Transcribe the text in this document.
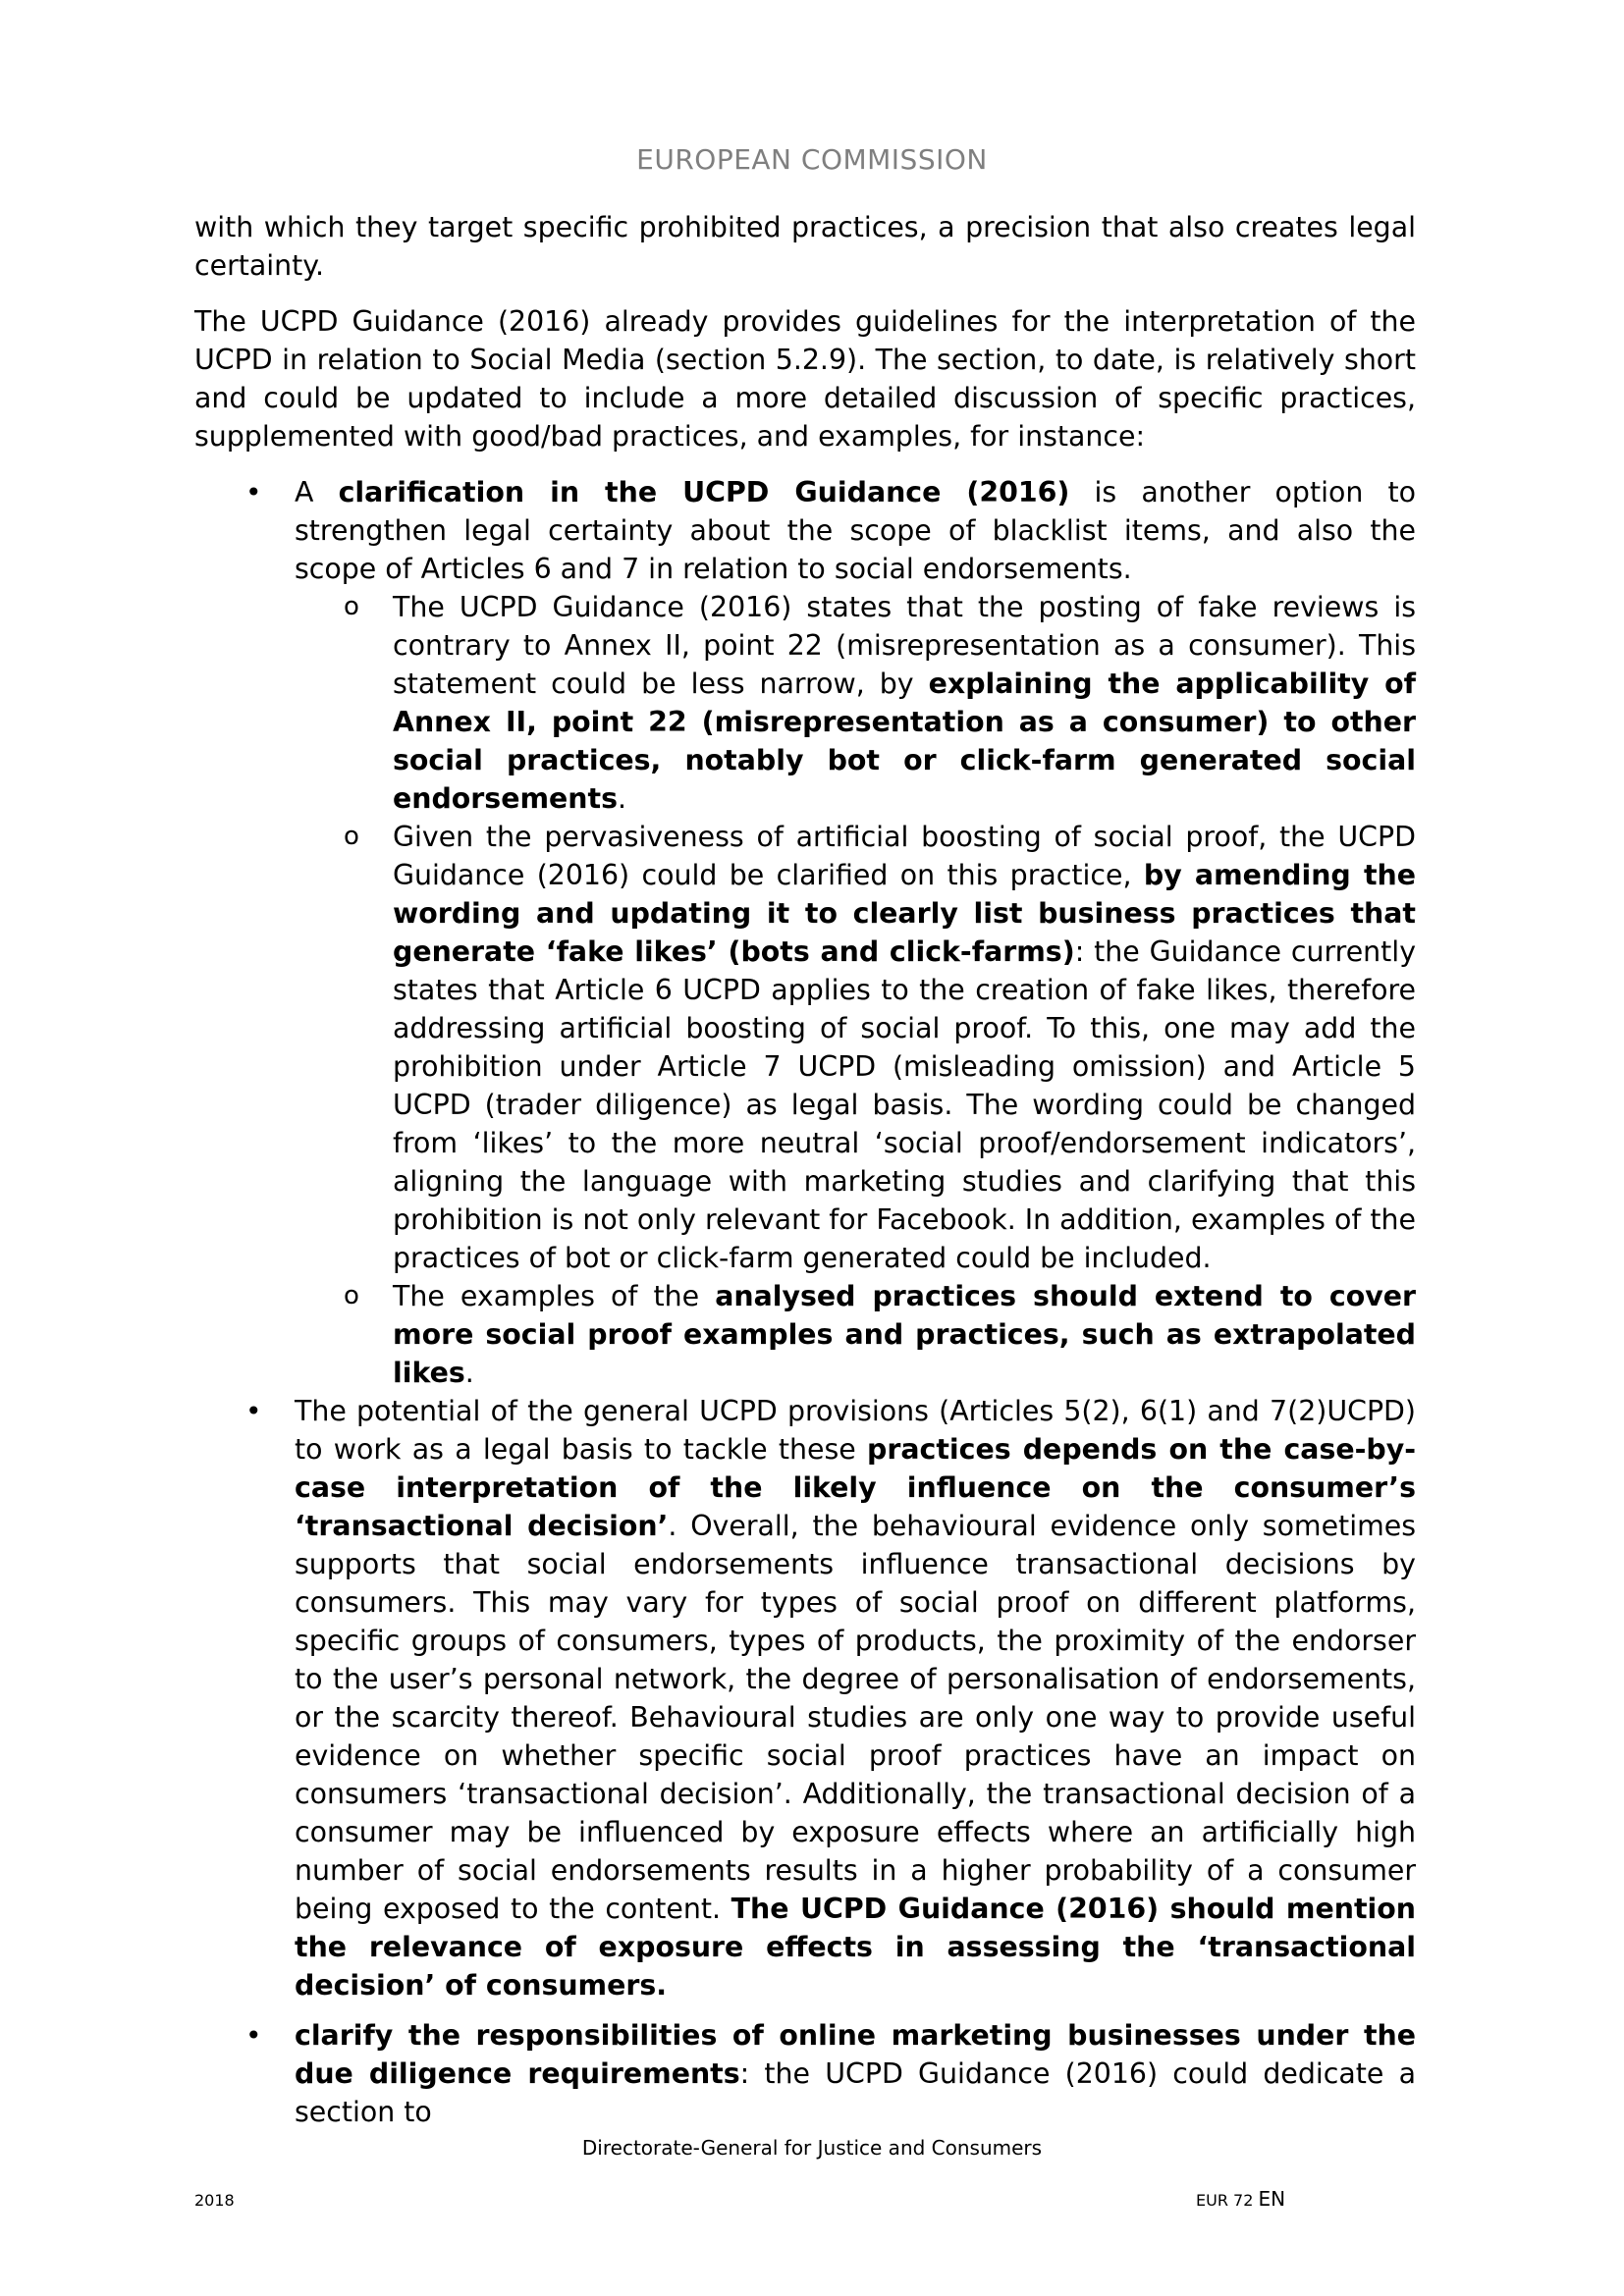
EUROPEAN COMMISSION

with which they target specific prohibited practices, a precision that also creates legal certainty.

The UCPD Guidance (2016) already provides guidelines for the interpretation of the UCPD in relation to Social Media (section 5.2.9). The section, to date, is relatively short and could be updated to include a more detailed discussion of specific practices, supplemented with good/bad practices, and examples, for instance:

• A clarification in the UCPD Guidance (2016) is another option to strengthen legal certainty about the scope of blacklist items, and also the scope of Articles 6 and 7 in relation to social endorsements.
o The UCPD Guidance (2016) states that the posting of fake reviews is contrary to Annex II, point 22 (misrepresentation as a consumer). This statement could be less narrow, by explaining the applicability of Annex II, point 22 (misrepresentation as a consumer) to other social practices, notably bot or click-farm generated social endorsements.
o Given the pervasiveness of artificial boosting of social proof, the UCPD Guidance (2016) could be clarified on this practice, by amending the wording and updating it to clearly list business practices that generate ‘fake likes’ (bots and click-farms): the Guidance currently states that Article 6 UCPD applies to the creation of fake likes, therefore addressing artificial boosting of social proof. To this, one may add the prohibition under Article 7 UCPD (misleading omission) and Article 5 UCPD (trader diligence) as legal basis. The wording could be changed from ‘likes’ to the more neutral ‘social proof/endorsement indicators’, aligning the language with marketing studies and clarifying that this prohibition is not only relevant for Facebook. In addition, examples of the practices of bot or click-farm generated could be included.
o The examples of the analysed practices should extend to cover more social proof examples and practices, such as extrapolated likes.
• The potential of the general UCPD provisions (Articles 5(2), 6(1) and 7(2)UCPD) to work as a legal basis to tackle these practices depends on the case-by-case interpretation of the likely influence on the consumer’s ‘transactional decision’. Overall, the behavioural evidence only sometimes supports that social endorsements influence transactional decisions by consumers. This may vary for types of social proof on different platforms, specific groups of consumers, types of products, the proximity of the endorser to the user’s personal network, the degree of personalisation of endorsements, or the scarcity thereof. Behavioural studies are only one way to provide useful evidence on whether specific social proof practices have an impact on consumers ‘transactional decision’. Additionally, the transactional decision of a consumer may be influenced by exposure effects where an artificially high number of social endorsements results in a higher probability of a consumer being exposed to the content. The UCPD Guidance (2016) should mention the relevance of exposure effects in assessing the ‘transactional decision’ of consumers.
• clarify the responsibilities of online marketing businesses under the due diligence requirements: the UCPD Guidance (2016) could dedicate a section to
Directorate-General for Justice and Consumers
2018	EUR 72 EN
